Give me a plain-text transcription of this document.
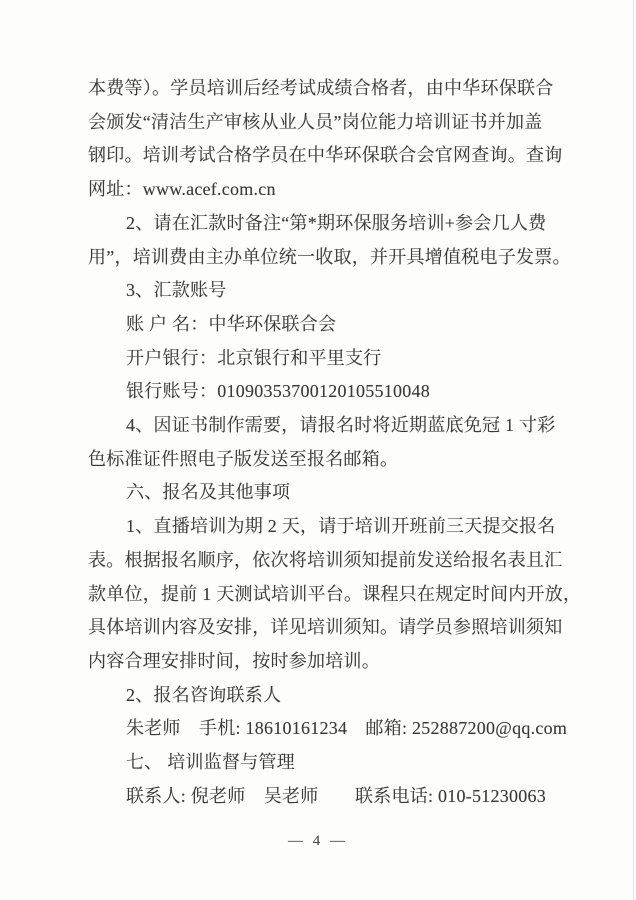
本费等）。学员培训后经考试成绩合格者，由中华环保联合
会颁发“清洁生产审核从业人员”岗位能力培训证书并加盖
钢印。培训考试合格学员在中华环保联合会官网查询。查询
网址：www.acef.com.cn
2、请在汇款时备注“第*期环保服务培训+参会几人费
用”，培训费由主办单位统一收取，并开具增值税电子发票。
3、汇款账号
账 户 名：中华环保联合会
开户银行：北京银行和平里支行
银行账号：01090353700120105510048
4、因证书制作需要，请报名时将近期蓝底免冠 1 寸彩
色标准证件照电子版发送至报名邮箱。
六、报名及其他事项
1、直播培训为期 2 天，请于培训开班前三天提交报名
表。根据报名顺序，依次将培训须知提前发送给报名表且汇
款单位，提前 1 天测试培训平台。课程只在规定时间内开放，
具体培训内容及安排，详见培训须知。请学员参照培训须知
内容合理安排时间，按时参加培训。
2、报名咨询联系人
朱老师　手机: 18610161234　邮箱: 252887200@qq.com
七、 培训监督与管理
联系人: 倪老师　吴老师　　联系电话: 010-51230063
— 4 —
